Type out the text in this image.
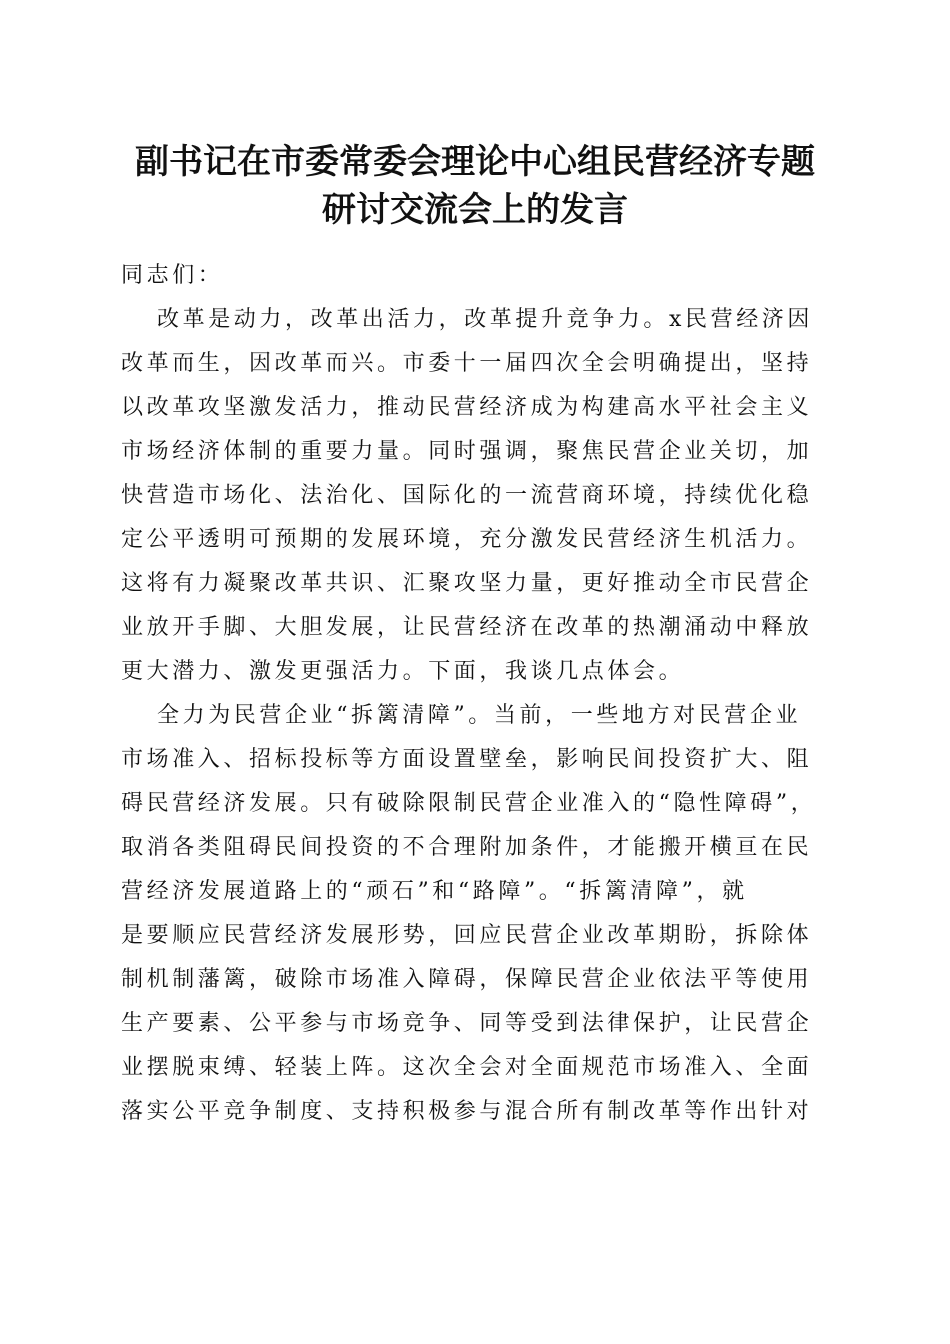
副书记在市委常委会理论中心组民营经济专题
研讨交流会上的发言
同志们：
改革是动力，改革出活力，改革提升竞争力。x民营经济因
改革而生，因改革而兴。市委十一届四次全会明确提出，坚持
以改革攻坚激发活力，推动民营经济成为构建高水平社会主义
市场经济体制的重要力量。同时强调，聚焦民营企业关切，加
快营造市场化、法治化、国际化的一流营商环境，持续优化稳
定公平透明可预期的发展环境，充分激发民营经济生机活力。
这将有力凝聚改革共识、汇聚攻坚力量，更好推动全市民营企
业放开手脚、大胆发展，让民营经济在改革的热潮涌动中释放
更大潜力、激发更强活力。下面，我谈几点体会。
全力为民营企业“拆篱清障”。当前，一些地方对民营企业
市场准入、招标投标等方面设置壁垒，影响民间投资扩大、阻
碍民营经济发展。只有破除限制民营企业准入的“隐性障碍”，
取消各类阻碍民间投资的不合理附加条件，才能搬开横亘在民
营经济发展道路上的“顽石”和“路障”。“拆篱清障”，就
是要顺应民营经济发展形势，回应民营企业改革期盼，拆除体
制机制藩篱，破除市场准入障碍，保障民营企业依法平等使用
生产要素、公平参与市场竞争、同等受到法律保护，让民营企
业摆脱束缚、轻装上阵。这次全会对全面规范市场准入、全面
落实公平竞争制度、支持积极参与混合所有制改革等作出针对
